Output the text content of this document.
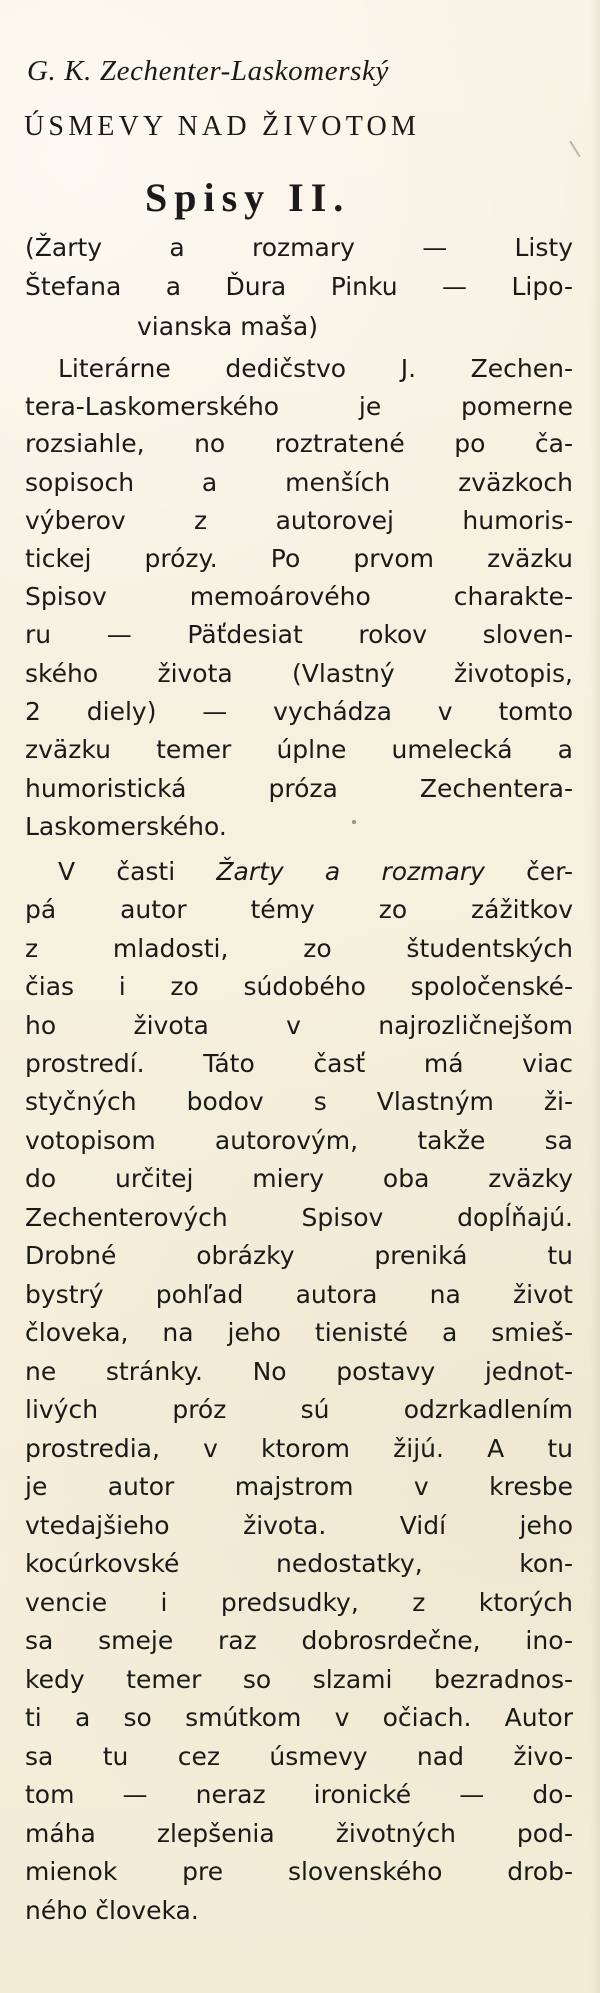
G. K. Zechenter-Laskomerský
ÚSMEVY NAD ŽIVOTOM
Spisy II.
(Žarty a rozmary — Listy
Štefana a Ďura Pinku — Lipo-
vianska maša)
Literárne dedičstvo J. Zechen-
tera-Laskomerského je pomerne
rozsiahle, no roztratené po ča-
sopisoch a menších zväzkoch
výberov z autorovej humoris-
tickej prózy. Po prvom zväzku
Spisov memoárového charakte-
ru — Päťdesiat rokov sloven-
ského života (Vlastný životopis,
2 diely) — vychádza v tomto
zväzku temer úplne umelecká a
humoristická próza Zechentera-
Laskomerského.
V časti Žarty a rozmary čer-
pá autor témy zo zážitkov
z mladosti, zo študentských
čias i zo súdobého spoločenské-
ho života v najrozličnejšom
prostredí. Táto časť má viac
styčných bodov s Vlastným ži-
votopisom autorovým, takže sa
do určitej miery oba zväzky
Zechenterových Spisov dopĺňajú.
Drobné obrázky preniká tu
bystrý pohľad autora na život
človeka, na jeho tienisté a smieš-
ne stránky. No postavy jednot-
livých próz sú odzrkadlením
prostredia, v ktorom žijú. A tu
je autor majstrom v kresbe
vtedajšieho života. Vidí jeho
kocúrkovské nedostatky, kon-
vencie i predsudky, z ktorých
sa smeje raz dobrosrdečne, ino-
kedy temer so slzami bezradnos-
ti a so smútkom v očiach. Autor
sa tu cez úsmevy nad živo-
tom — neraz ironické — do-
máha zlepšenia životných pod-
mienok pre slovenského drob-
ného človeka.
